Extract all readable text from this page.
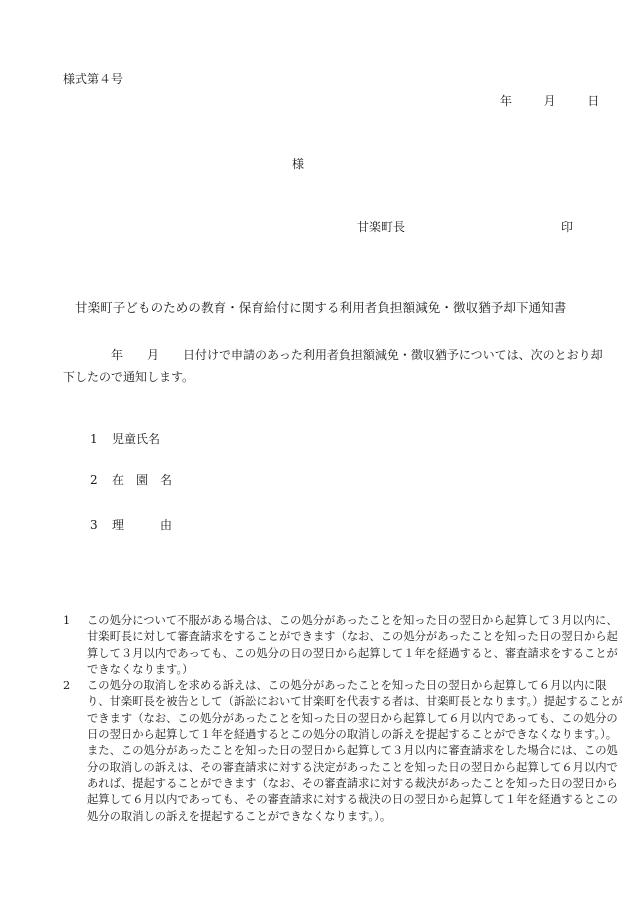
様式第４号
年	月	日
様
甘楽町長	印
甘楽町子どものための教育・保育給付に関する利用者負担額減免・徴収猶予却下通知書
年 月 日付けで申請のあった利用者負担額減免・徴収猶予については、次のとおり却下したので通知します。
1 児童氏名
2 在　園　名
3 理　　　由
1	この処分について不服がある場合は、この処分があったことを知った日の翌日から起算して３月以内に、甘楽町長に対して審査請求をすることができます（なお、この処分があったことを知った日の翌日から起算して３月以内であっても、この処分の日の翌日から起算して１年を経過すると、審査請求をすることができなくなります。）
2	この処分の取消しを求める訴えは、この処分があったことを知った日の翌日から起算して６月以内に限り、甘楽町長を被告として（訴訟において甘楽町を代表する者は、甘楽町長となります。）提起することができます（なお、この処分があったことを知った日の翌日から起算して６月以内であっても、この処分の日の翌日から起算して１年を経過するとこの処分の取消しの訴えを提起することができなくなります。）。また、この処分があったことを知った日の翌日から起算して３月以内に審査請求をした場合には、この処分の取消しの訴えは、その審査請求に対する決定があったことを知った日の翌日から起算して６月以内であれば、提起することができます（なお、その審査請求に対する裁決があったことを知った日の翌日から起算して６月以内であっても、その審査請求に対する裁決の日の翌日から起算して１年を経過するとこの処分の取消しの訴えを提起することができなくなります。）。
